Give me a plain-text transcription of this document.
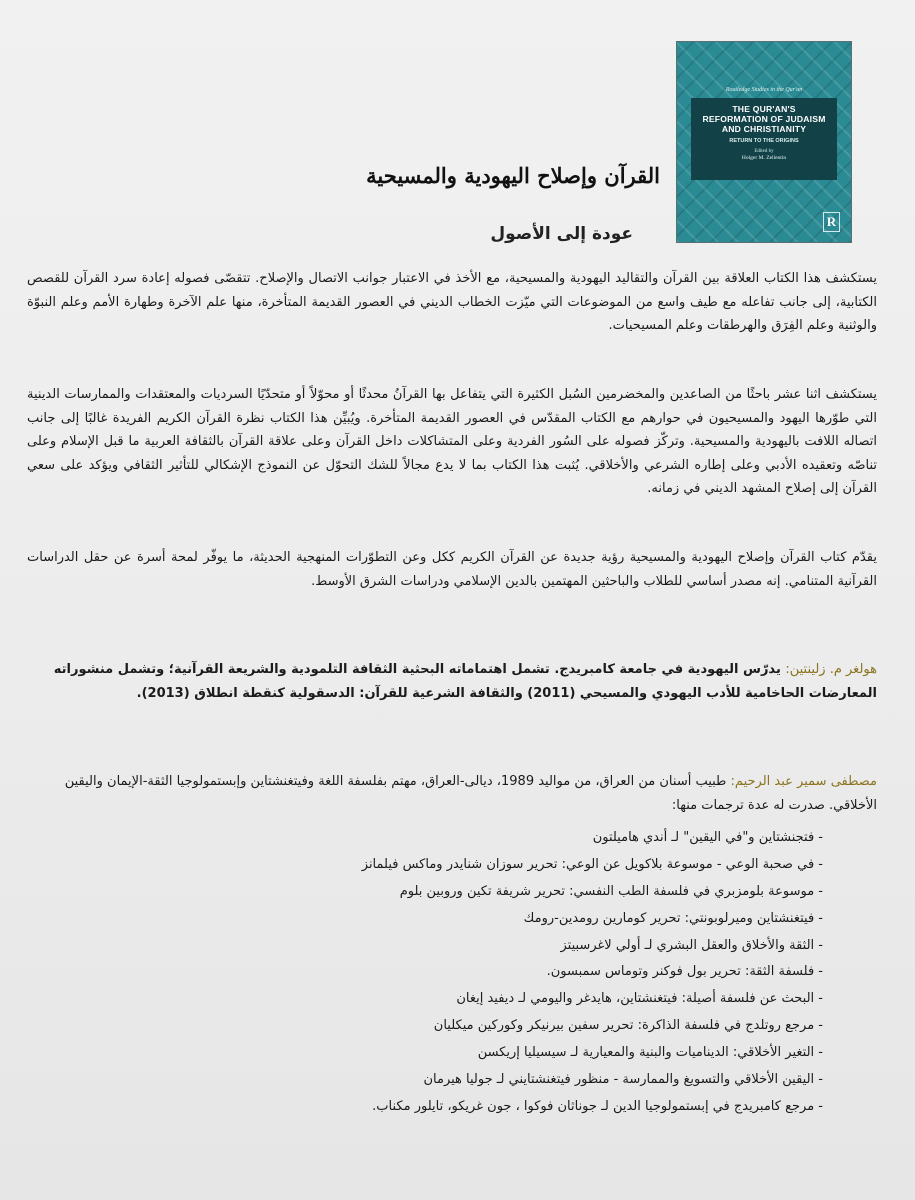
Routledge Studies in the Qur'an
THE QUR'AN'S
REFORMATION OF JUDAISM
AND CHRISTIANITY
RETURN TO THE ORIGINS
Edited by
Holger M. Zellentin
R
القرآن وإصلاح اليهودية والمسيحية
عودة إلى الأصول

يستكشف هذا الكتاب العلاقة بين القرآن والتقاليد اليهودية والمسيحية، مع الأخذ في الاعتبار جوانب الاتصال والإصلاح. تتقصّى فصوله إعادة سرد القرآن للقصص الكتابية، إلى جانب تفاعله مع طيف واسع من الموضوعات التي ميّزت الخطاب الديني في العصور القديمة المتأخرة، منها علم الآخرة وطهارة الأمم وعلم النبوّة والوثنية وعلم الفِرَق والهرطقات وعلم المسيحيات.

يستكشف اثنا عشر باحثًا من الصاعدين والمخضرمين السُبل الكثيرة التي يتفاعل بها القرآنُ محدثًا أو محوّلاً أو متحدّيًا السرديات والمعتقدات والممارسات الدينية التي طوّرها اليهود والمسيحيون في حوارهم مع الكتاب المقدّس في العصور القديمة المتأخرة. ويُبيِّن هذا الكتاب نظرة القرآن الكريم الفريدة غالبًا إلى جانب اتصاله اللافت باليهودية والمسيحية. وتركّز فصوله على السُور الفردية وعلى المتشاكلات داخل القرآن وعلى علاقة القرآن بالثقافة العربية ما قبل الإسلام وعلى تناصّه وتعقيده الأدبي وعلى إطاره الشرعي والأخلاقي. يُثبت هذا الكتاب بما لا يدع مجالاً للشك التحوّل عن النموذج الإشكالي للتأثير الثقافي ويؤكد على سعي القرآن إلى إصلاح المشهد الديني في زمانه.

يقدّم كتاب القرآن وإصلاح اليهودية والمسيحية رؤية جديدة عن القرآن الكريم ككل وعن التطوّرات المنهجية الحديثة، ما يوفّر لمحة أسرة عن حقل الدراسات القرآنية المتنامي. إنه مصدر أساسي للطلاب والباحثين المهتمين بالدين الإسلامي ودراسات الشرق الأوسط.

هولغر م. زلينتين: يدرّس اليهودية في جامعة كامبريدج. تشمل اهتماماته البحثية الثقافة التلمودية والشريعة القرآنية؛ وتشمل منشوراته المعارضات الحاخامية للأدب اليهودي والمسيحي (2011) والثقافة الشرعية للقرآن: الدسقولية كنقطة انطلاق (2013).
مصطفى سمير عبد الرحيم: طبيب أسنان من العراق، من مواليد 1989، ديالى-العراق، مهتم بفلسفة اللغة وفيتغنشتاين وإبستمولوجيا الثقة-الإيمان واليقين الأخلاقي. صدرت له عدة ترجمات منها:
- فتجنشتاين و"في اليقين" لـ أندي هاميلتون
- في صحبة الوعي - موسوعة بلاكويل عن الوعي: تحرير سوزان شنايدر وماكس فيلمانز
- موسوعة بلومزبري في فلسفة الطب النفسي: تحرير شريفة تكين وروبين بلوم
- فيتغنشتاين وميرلوبونتي: تحرير كومارين رومدين-رومك
- الثقة والأخلاق والعقل البشري لـ أولي لاغرسبيتز
- فلسفة الثقة: تحرير بول فوكنر وتوماس سمبسون.
- البحث عن فلسفة أصيلة: فيتغنشتاين، هايدغر واليومي لـ ديفيد إيغان
- مرجع روتلدج في فلسفة الذاكرة: تحرير سفين بيرنيكر وكوركين ميكليان
- التغير الأخلاقي: الديناميات والبنية والمعيارية لـ سيسيليا إريكسن
- اليقين الأخلاقي والتسويغ والممارسة - منظور فيتغنشتايني لـ جوليا هيرمان
- مرجع كامبريدج في إبستمولوجيا الدين لـ جوناثان فوكوا ، جون غريكو، تايلور مكناب.
